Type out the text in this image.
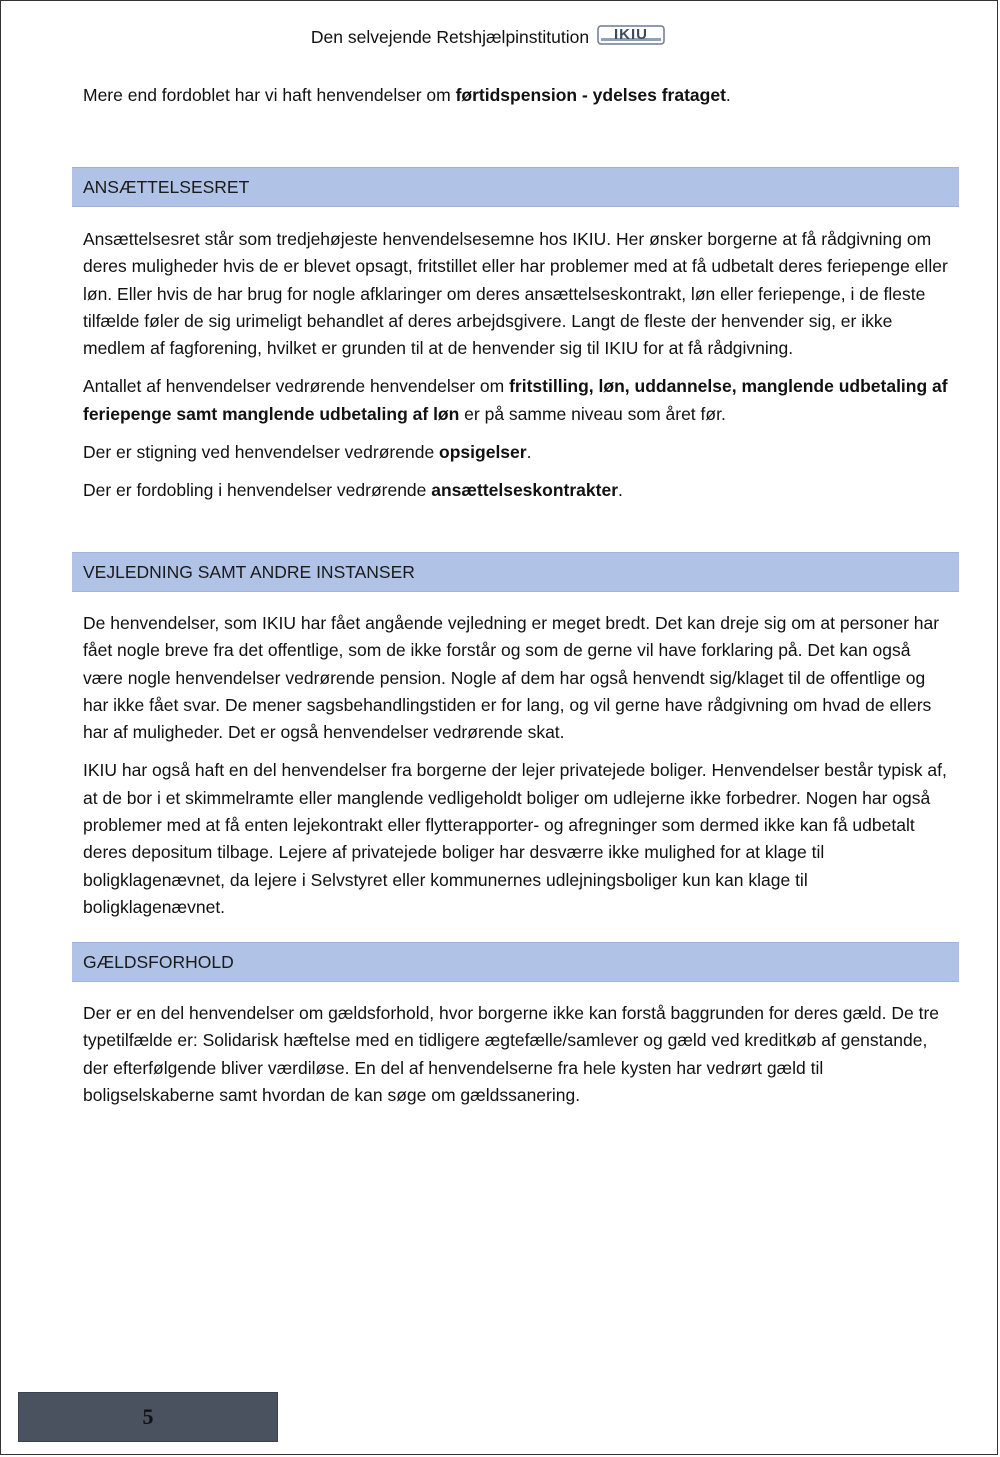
Den selvejende Retshjælpinstitution IKIU

Mere end fordoblet har vi haft henvendelser om førtidspension - ydelses frataget.

ANSÆTTELSESRET

Ansættelsesret står som tredjehøjeste henvendelsesemne hos IKIU. Her ønsker borgerne at få rådgivning om deres muligheder hvis de er blevet opsagt, fritstillet eller har problemer med at få udbetalt deres feriepenge eller løn. Eller hvis de har brug for nogle afklaringer om deres ansættelseskontrakt, løn eller feriepenge, i de fleste tilfælde føler de sig urimeligt behandlet af deres arbejdsgivere. Langt de fleste der henvender sig, er ikke medlem af fagforening, hvilket er grunden til at de henvender sig til IKIU for at få rådgivning.

Antallet af henvendelser vedrørende henvendelser om fritstilling, løn, uddannelse, manglende udbetaling af feriepenge samt manglende udbetaling af løn er på samme niveau som året før.

Der er stigning ved henvendelser vedrørende opsigelser.

Der er fordobling i henvendelser vedrørende ansættelseskontrakter.

VEJLEDNING SAMT ANDRE INSTANSER

De henvendelser, som IKIU har fået angående vejledning er meget bredt. Det kan dreje sig om at personer har fået nogle breve fra det offentlige, som de ikke forstår og som de gerne vil have forklaring på. Det kan også være nogle henvendelser vedrørende pension. Nogle af dem har også henvendt sig/klaget til de offentlige og har ikke fået svar. De mener sagsbehandlingstiden er for lang, og vil gerne have rådgivning om hvad de ellers har af muligheder. Det er også henvendelser vedrørende skat.

IKIU har også haft en del henvendelser fra borgerne der lejer privatejede boliger. Henvendelser består typisk af, at de bor i et skimmelramte eller manglende vedligeholdt boliger om udlejerne ikke forbedrer. Nogen har også problemer med at få enten lejekontrakt eller flytterapporter- og afregninger som dermed ikke kan få udbetalt deres depositum tilbage. Lejere af privatejede boliger har desværre ikke mulighed for at klage til boligklagenævnet, da lejere i Selvstyret eller kommunernes udlejningsboliger kun kan klage til boligklagenævnet.

GÆLDSFORHOLD

Der er en del henvendelser om gældsforhold, hvor borgerne ikke kan forstå baggrunden for deres gæld. De tre typetilfælde er: Solidarisk hæftelse med en tidligere ægtefælle/samlever og gæld ved kreditkøb af genstande, der efterfølgende bliver værdiløse. En del af henvendelserne fra hele kysten har vedrørt gæld til boligselskaberne samt hvordan de kan søge om gældssanering.

5
